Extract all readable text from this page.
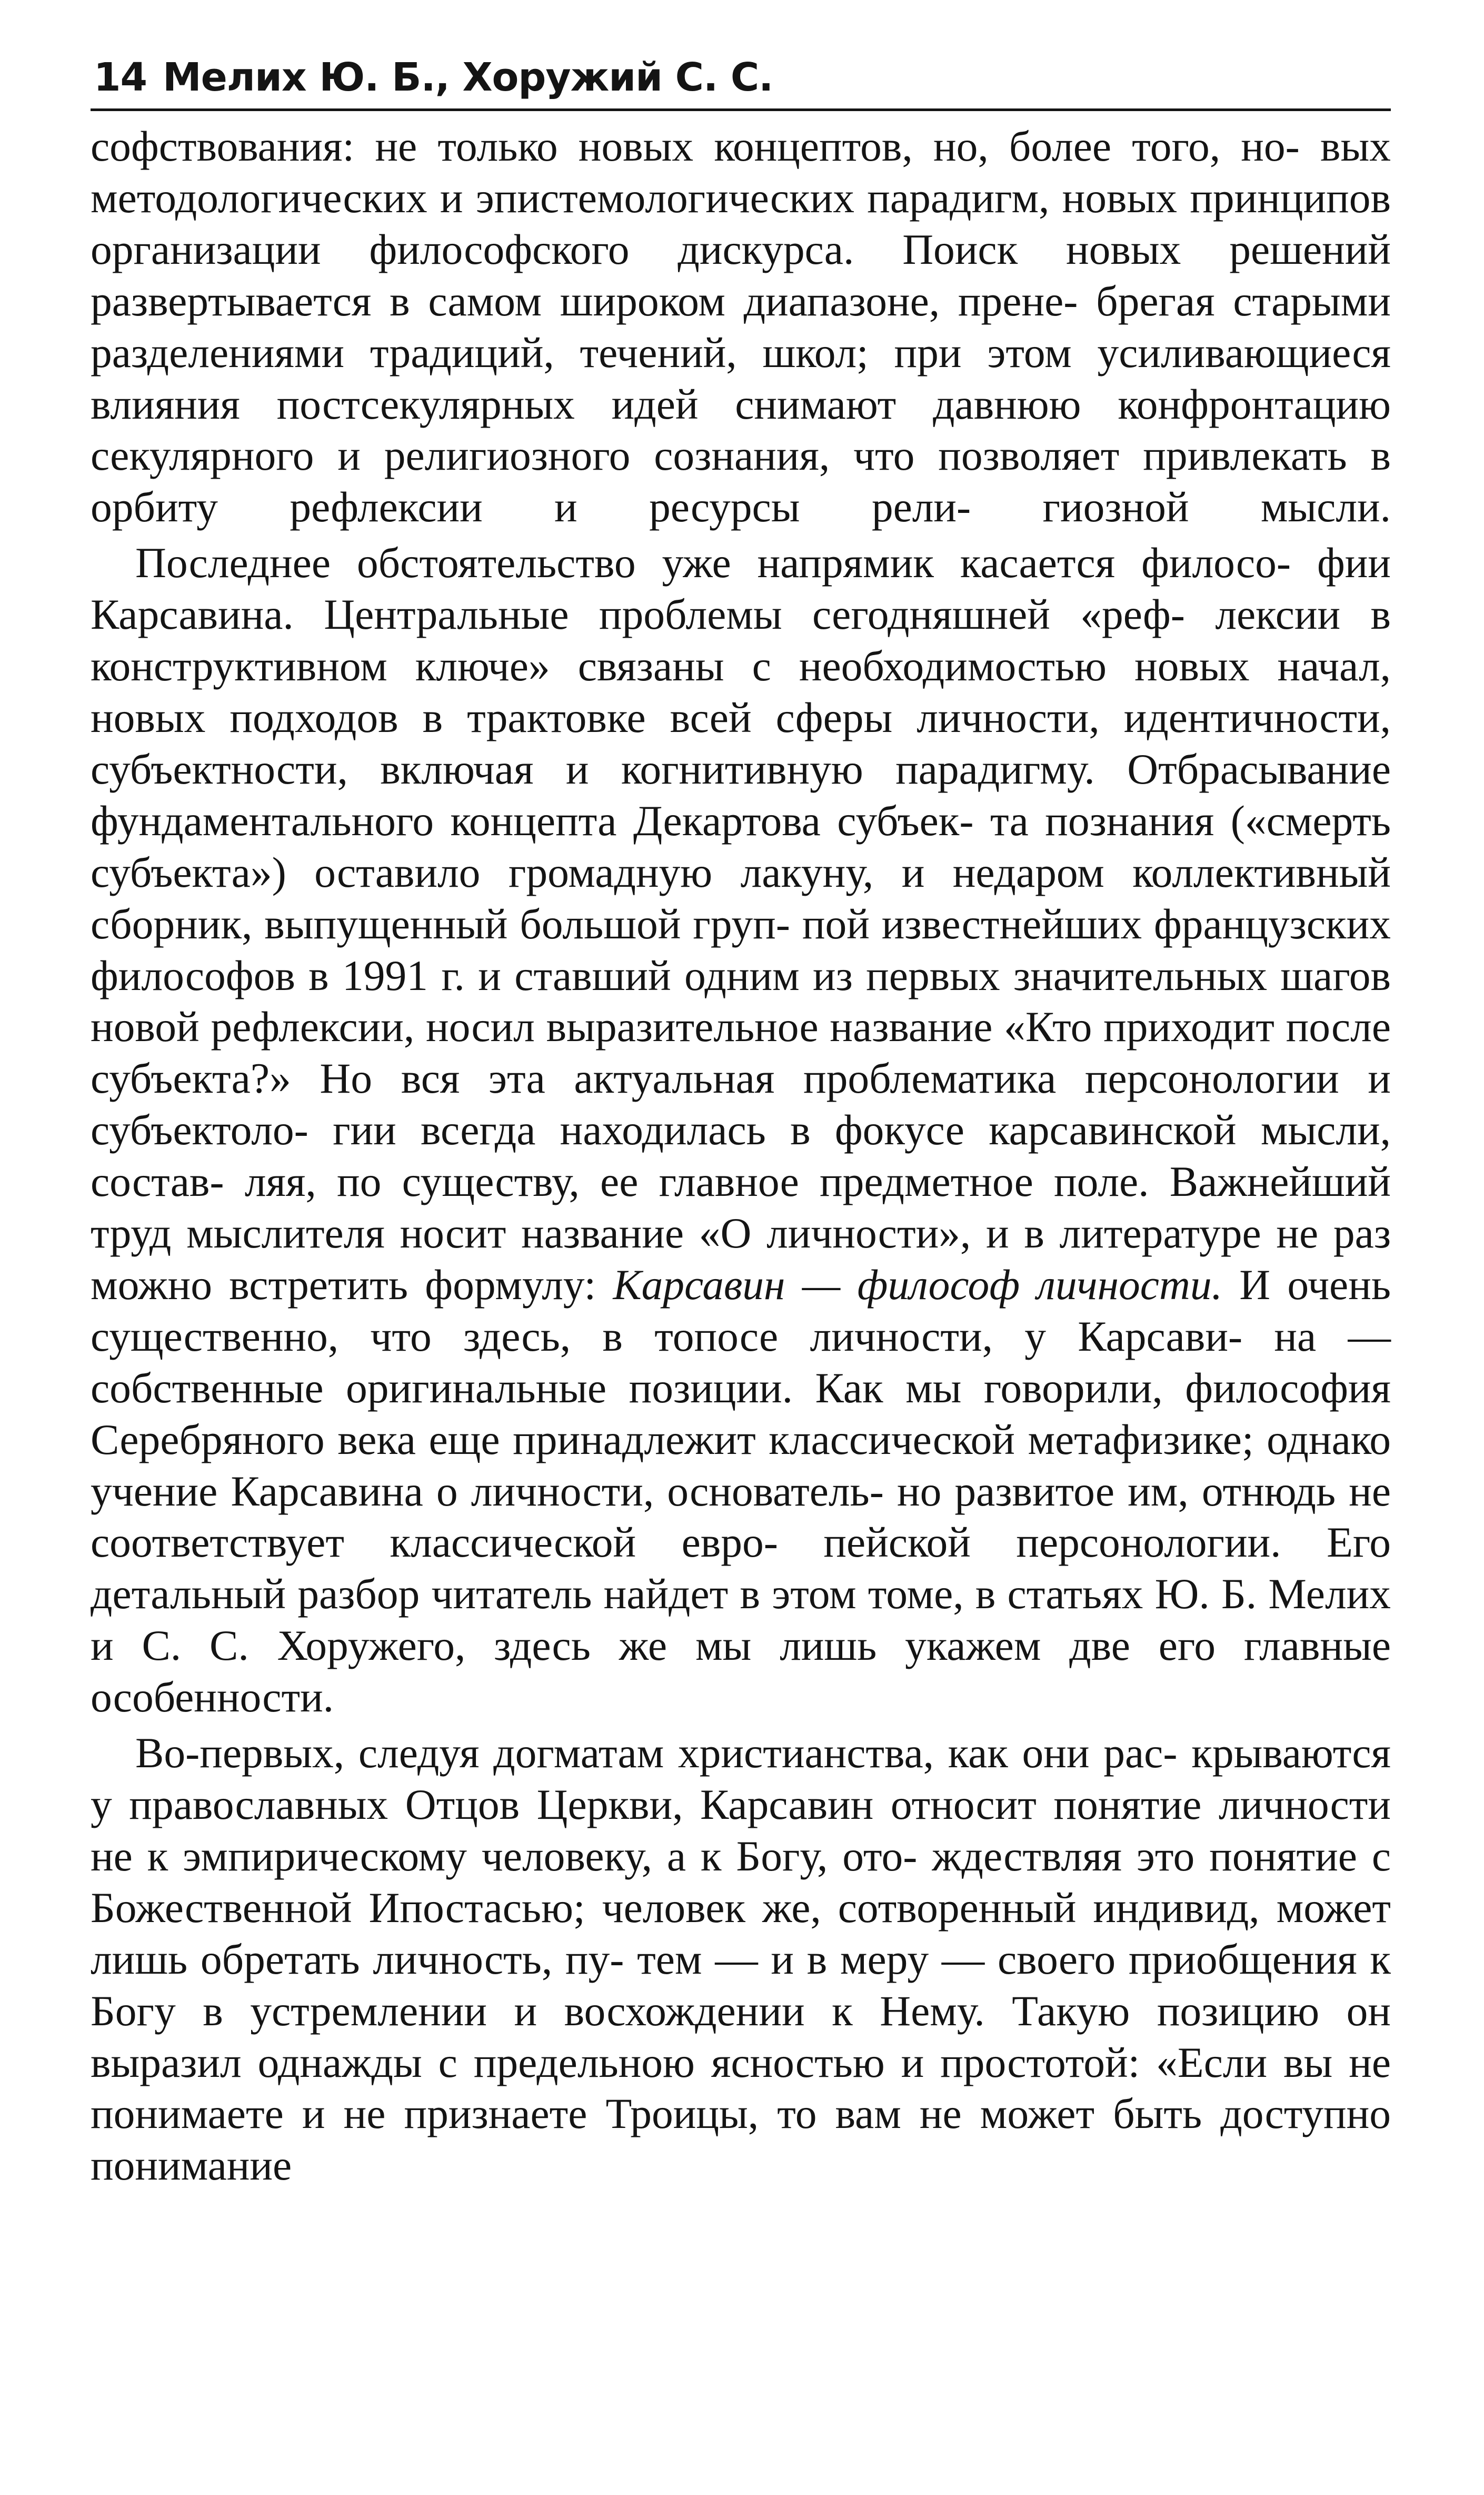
14 Мелих Ю. Б., Хоружий С. С.

софствования: не только новых концептов, но, более того, но- вых методологических и эпистемологических парадигм, новых принципов организации философского дискурса. Поиск новых решений развертывается в самом широком диапазоне, прене- брегая старыми разделениями традиций, течений, школ; при этом усиливающиеся влияния постсекулярных идей снимают давнюю конфронтацию секулярного и религиозного сознания, что позволяет привлекать в орбиту рефлексии и ресурсы рели- гиозной мысли.

Последнее обстоятельство уже напрямик касается филосо- фии Карсавина. Центральные проблемы сегодняшней «реф- лексии в конструктивном ключе» связаны с необходимостью новых начал, новых подходов в трактовке всей сферы личности, идентичности, субъектности, включая и когнитивную парадигму. Отбрасывание фундаментального концепта Декартова субъек- та познания («смерть субъекта») оставило громадную лакуну, и недаром коллективный сборник, выпущенный большой груп- пой известнейших французских философов в 1991 г. и ставший одним из первых значительных шагов новой рефлексии, носил выразительное название «Кто приходит после субъекта?» Но вся эта актуальная проблематика персонологии и субъектоло- гии всегда находилась в фокусе карсавинской мысли, состав- ляя, по существу, ее главное предметное поле. Важнейший труд мыслителя носит название «О личности», и в литературе не раз можно встретить формулу: Карсавин — философ личности. И очень существенно, что здесь, в топосе личности, у Карсави- на — собственные оригинальные позиции. Как мы говорили, философия Серебряного века еще принадлежит классической метафизике; однако учение Карсавина о личности, основатель- но развитое им, отнюдь не соответствует классической евро- пейской персонологии. Его детальный разбор читатель найдет в этом томе, в статьях Ю. Б. Мелих и С. С. Хоружего, здесь же мы лишь укажем две его главные особенности.

Во-первых, следуя догматам христианства, как они рас- крываются у православных Отцов Церкви, Карсавин относит понятие личности не к эмпирическому человеку, а к Богу, ото- ждествляя это понятие с Божественной Ипостасью; человек же, сотворенный индивид, может лишь обретать личность, пу- тем — и в меру — своего приобщения к Богу в устремлении и восхождении к Нему. Такую позицию он выразил однажды с предельною ясностью и простотой: «Если вы не понимаете и не признаете Троицы, то вам не может быть доступно понимание
